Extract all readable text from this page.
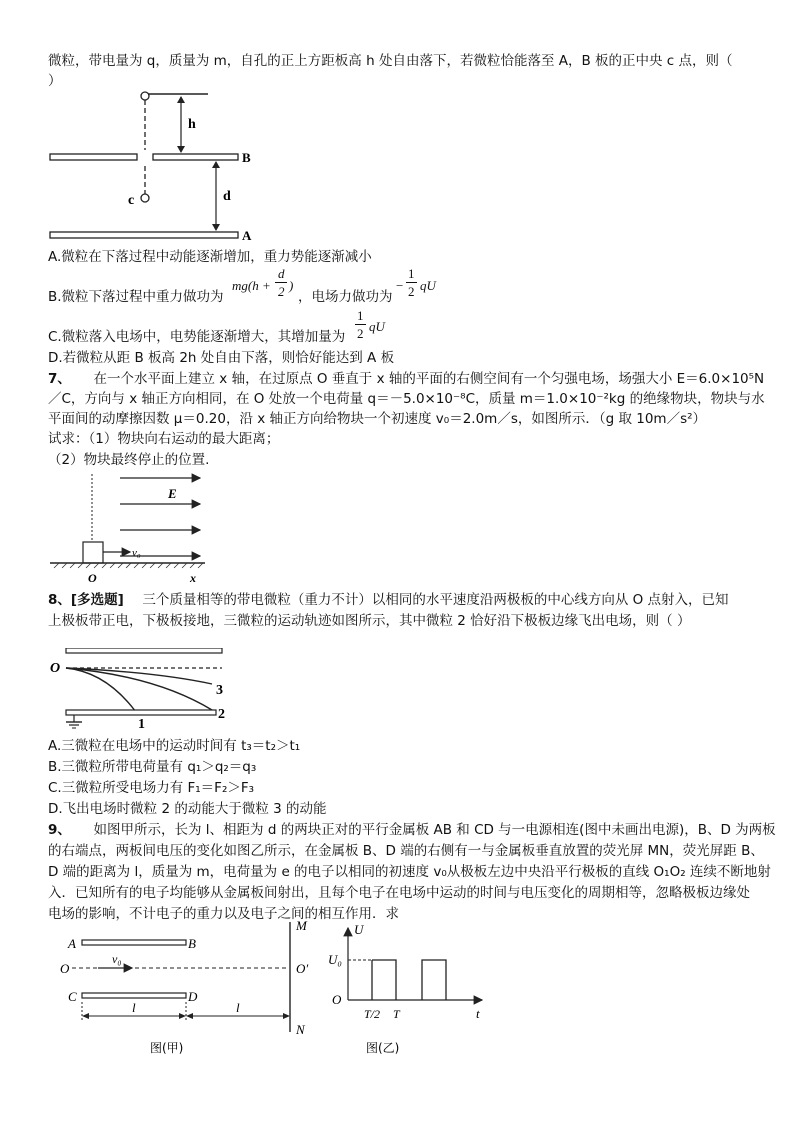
微粒，带电量为 q，质量为 m，自孔的正上方距板高 h 处自由落下，若微粒恰能落至 A，B 板的正中央 c 点，则（
）
h
B
d
c
A
A.微粒在下落过程中动能逐渐增加，重力势能逐渐减小
B.微粒下落过程中重力做功为
mg(h +
d
2 )
，电场力做功为
−
1
2 qU
C.微粒落入电场中，电势能逐渐增大，其增加量为
1
2 qU
D.若微粒从距 B 板高 2h 处自由下落，则恰好能达到 A 板
7、 在一个水平面上建立 x 轴，在过原点 O 垂直于 x 轴的平面的右侧空间有一个匀强电场，场强大小 E＝6.0×10⁵N
／C，方向与 x 轴正方向相同，在 O 处放一个电荷量 q＝－5.0×10⁻⁸C，质量 m＝1.0×10⁻²kg 的绝缘物块，物块与水
平面间的动摩擦因数 μ＝0.20，沿 x 轴正方向给物块一个初速度 v₀＝2.0m／s，如图所示．（g 取 10m／s²）
试求：（1）物块向右运动的最大距离；
（2）物块最终停止的位置.
E
v₀
O	x
8、[多选题] 三个质量相等的带电微粒（重力不计）以相同的水平速度沿两极板的中心线方向从 O 点射入，已知
上极板带正电，下极板接地，三微粒的运动轨迹如图所示，其中微粒 2 恰好沿下极板边缘飞出电场，则（ ）
O
1
2
3
A.三微粒在电场中的运动时间有 t₃＝t₂＞t₁
B.三微粒所带电荷量有 q₁＞q₂＝q₃
C.三微粒所受电场力有 F₁＝F₂＞F₃
D.飞出电场时微粒 2 的动能大于微粒 3 的动能
9、 如图甲所示，长为 l、相距为 d 的两块正对的平行金属板 AB 和 CD 与一电源相连(图中未画出电源)，B、D 为两板
的右端点，两板间电压的变化如图乙所示，在金属板 B、D 端的右侧有一与金属板垂直放置的荧光屏 MN，荧光屏距 B、
D 端的距离为 l，质量为 m，电荷量为 e 的电子以相同的初速度 v₀从极板左边中央沿平行极板的直线 O₁O₂ 连续不断地射
入．已知所有的电子均能够从金属板间射出，且每个电子在电场中运动的时间与电压变化的周期相等，忽略极板边缘处
电场的影响，不计电子的重力以及电子之间的相互作用．求
A	B
C	D
M
N
O	O′
v₀
l	l
图(甲)
U
U₀
O
T/2 T	t
图(乙)
